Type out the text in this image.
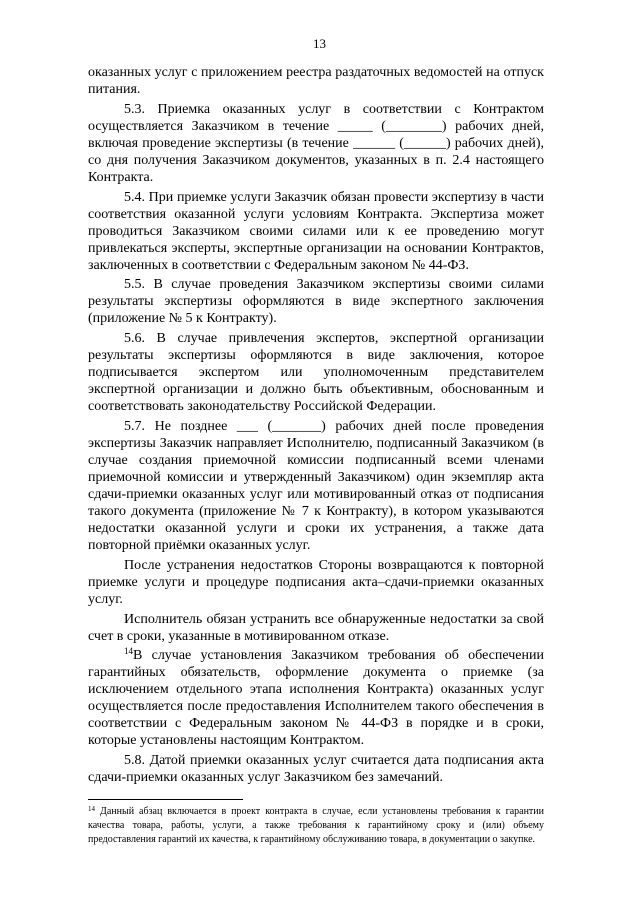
13

оказанных услуг с приложением реестра раздаточных ведомостей на отпуск питания.

5.3. Приемка оказанных услуг в соответствии с Контрактом осуществляется Заказчиком в течение _____ (________) рабочих дней, включая проведение экспертизы (в течение ______ (______) рабочих дней), со дня получения Заказчиком документов, указанных в п. 2.4 настоящего Контракта.

5.4. При приемке услуги Заказчик обязан провести экспертизу в части соответствия оказанной услуги условиям Контракта. Экспертиза может проводиться Заказчиком своими силами или к ее проведению могут привлекаться эксперты, экспертные организации на основании Контрактов, заключенных в соответствии с Федеральным законом № 44-ФЗ.

5.5. В случае проведения Заказчиком экспертизы своими силами результаты экспертизы оформляются в виде экспертного заключения (приложение № 5 к Контракту).

5.6. В случае привлечения экспертов, экспертной организации результаты экспертизы оформляются в виде заключения, которое подписывается экспертом или уполномоченным представителем экспертной организации и должно быть объективным, обоснованным и соответствовать законодательству Российской Федерации.

5.7. Не позднее ___ (_______) рабочих дней после проведения экспертизы Заказчик направляет Исполнителю, подписанный Заказчиком (в случае создания приемочной комиссии подписанный всеми членами приемочной комиссии и утвержденный Заказчиком) один экземпляр акта сдачи-приемки оказанных услуг или мотивированный отказ от подписания такого документа (приложение № 7 к Контракту), в котором указываются недостатки оказанной услуги и сроки их устранения, а также дата повторной приёмки оказанных услуг.

После устранения недостатков Стороны возвращаются к повторной приемке услуги и процедуре подписания акта–сдачи-приемки оказанных услуг.

Исполнитель обязан устранить все обнаруженные недостатки за свой счет в сроки, указанные в мотивированном отказе.

$^{14}$В случае установления Заказчиком требования об обеспечении гарантийных обязательств, оформление документа о приемке (за исключением отдельного этапа исполнения Контракта) оказанных услуг осуществляется после предоставления Исполнителем такого обеспечения в соответствии с Федеральным законом № 44-ФЗ в порядке и в сроки, которые установлены настоящим Контрактом.

5.8. Датой приемки оказанных услуг считается дата подписания акта сдачи-приемки оказанных услуг Заказчиком без замечаний.

$^{14}$ Данный абзац включается в проект контракта в случае, если установлены требования к гарантии качества товара, работы, услуги, а также требования к гарантийному сроку и (или) объему предоставления гарантий их качества, к гарантийному обслуживанию товара, в документации о закупке.
